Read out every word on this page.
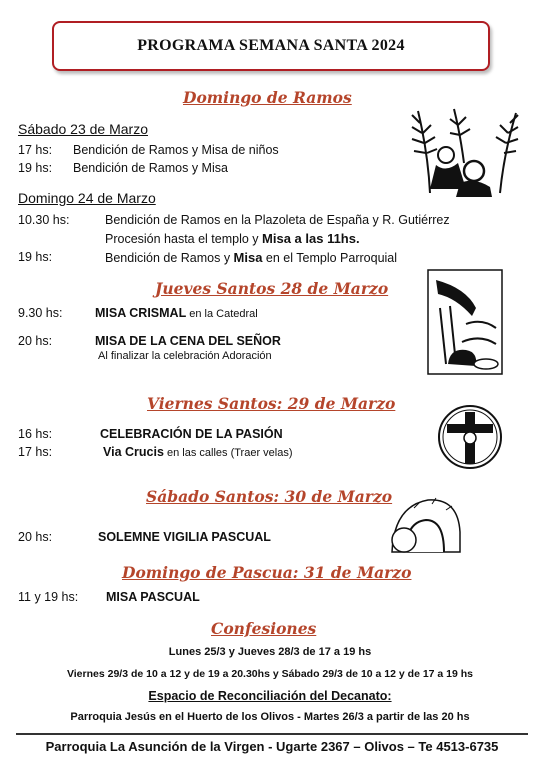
PROGRAMA SEMANA SANTA 2024
Domingo de Ramos
Sábado 23 de Marzo
17 hs: Bendición de Ramos y Misa de niños
19 hs: Bendición de Ramos y Misa
Domingo 24 de Marzo
10.30 hs:	Bendición de Ramos en la Plazoleta de España y R. Gutiérrez
Procesión hasta el templo y Misa a las 11hs.
19 hs:	Bendición de Ramos y Misa en el Templo Parroquial
Jueves Santos 28 de Marzo
9.30 hs:	MISA CRISMAL en la Catedral
20 hs:	MISA DE LA CENA DEL SEÑOR
Al finalizar la celebración Adoración
Viernes Santos: 29 de Marzo
16 hs:	CELEBRACIÓN DE LA PASIÓN
17 hs:	Via Crucis en las calles (Traer velas)
Sábado Santos: 30 de Marzo
20 hs:	SOLEMNE VIGILIA PASCUAL
Domingo de Pascua: 31 de Marzo
11 y 19 hs: MISA PASCUAL
Confesiones
Lunes 25/3 y Jueves 28/3 de 17 a 19 hs
Viernes 29/3 de 10 a 12 y de 19 a 20.30hs y Sábado 29/3 de 10 a 12 y de 17 a 19 hs
Espacio de Reconciliación del Decanato:
Parroquia Jesús en el Huerto de los Olivos - Martes 26/3 a partir de las 20 hs
Parroquia La Asunción de la Virgen - Ugarte 2367 – Olivos – Te 4513-6735
